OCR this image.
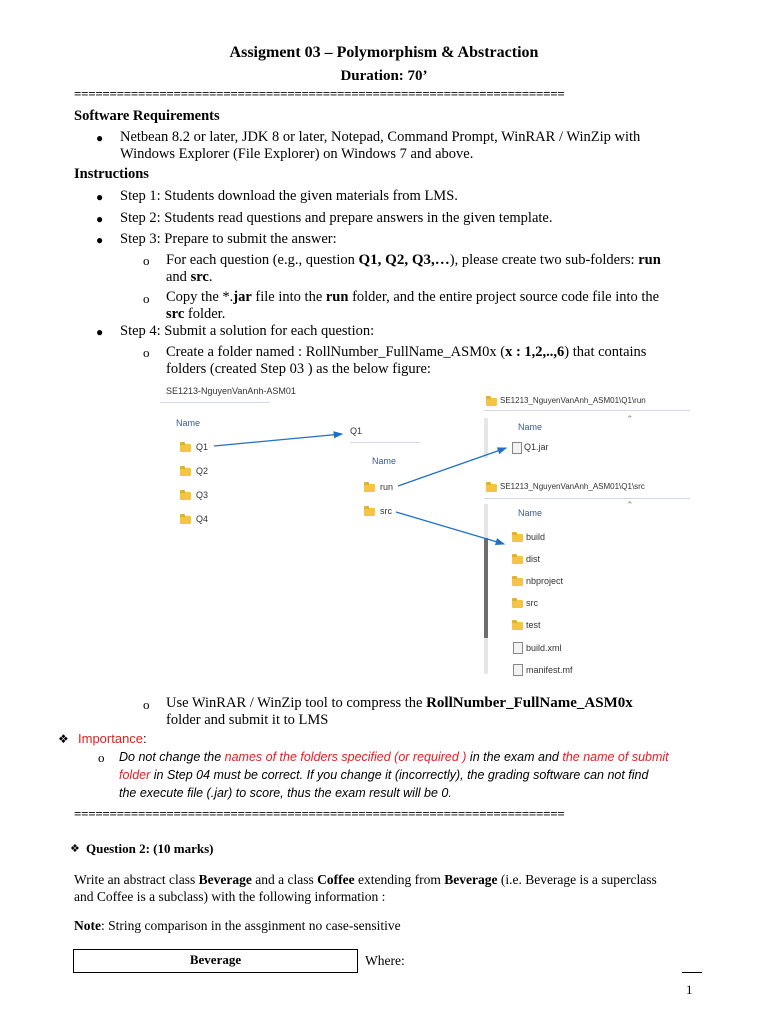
Assigment 03 – Polymorphism & Abstraction
Duration: 70’
=====================================================================
Software Requirements
● Netbean 8.2 or later, JDK 8 or later, Notepad, Command Prompt, WinRAR / WinZip with
Windows Explorer (File Explorer) on Windows 7 and above.
Instructions
● Step 1: Students download the given materials from LMS.
● Step 2: Students read questions and prepare answers in the given template.
● Step 3: Prepare to submit the answer:
o For each question (e.g., question Q1, Q2, Q3,…), please create two sub-folders: run
and src.
o Copy the *.jar file into the run folder, and the entire project source code file into the
src folder.
● Step 4: Submit a solution for each question:
o Create a folder named : RollNumber_FullName_ASM0x (x : 1,2,..,6) that contains
folders (created Step 03 ) as the below figure:
SE1213-NguyenVanAnh-ASM01
Name
Q1
Q2
Q3
Q4
Q1
Name
run
src
SE1213_NguyenVanAnh_ASM01\Q1\run
Name
⌃
Q1.jar
SE1213_NguyenVanAnh_ASM01\Q1\src
Name
⌃
build
dist
nbproject
src
test
build.xml
manifest.mf
o Use WinRAR / WinZip tool to compress the RollNumber_FullName_ASM0x
folder and submit it to LMS
❖ Importance:
o Do not change the names of the folders specified (or required ) in the exam and the name of submit
folder in Step 04 must be correct. If you change it (incorrectly), the grading software can not find
the execute file (.jar) to score, thus the exam result will be 0.
=====================================================================
❖ Question 2: (10 marks)
Write an abstract class Beverage and a class Coffee extending from Beverage (i.e. Beverage is a superclass
and Coffee is a subclass) with the following information :
Note: String comparison in the assginment no case-sensitive
Beverage	Where:
1
